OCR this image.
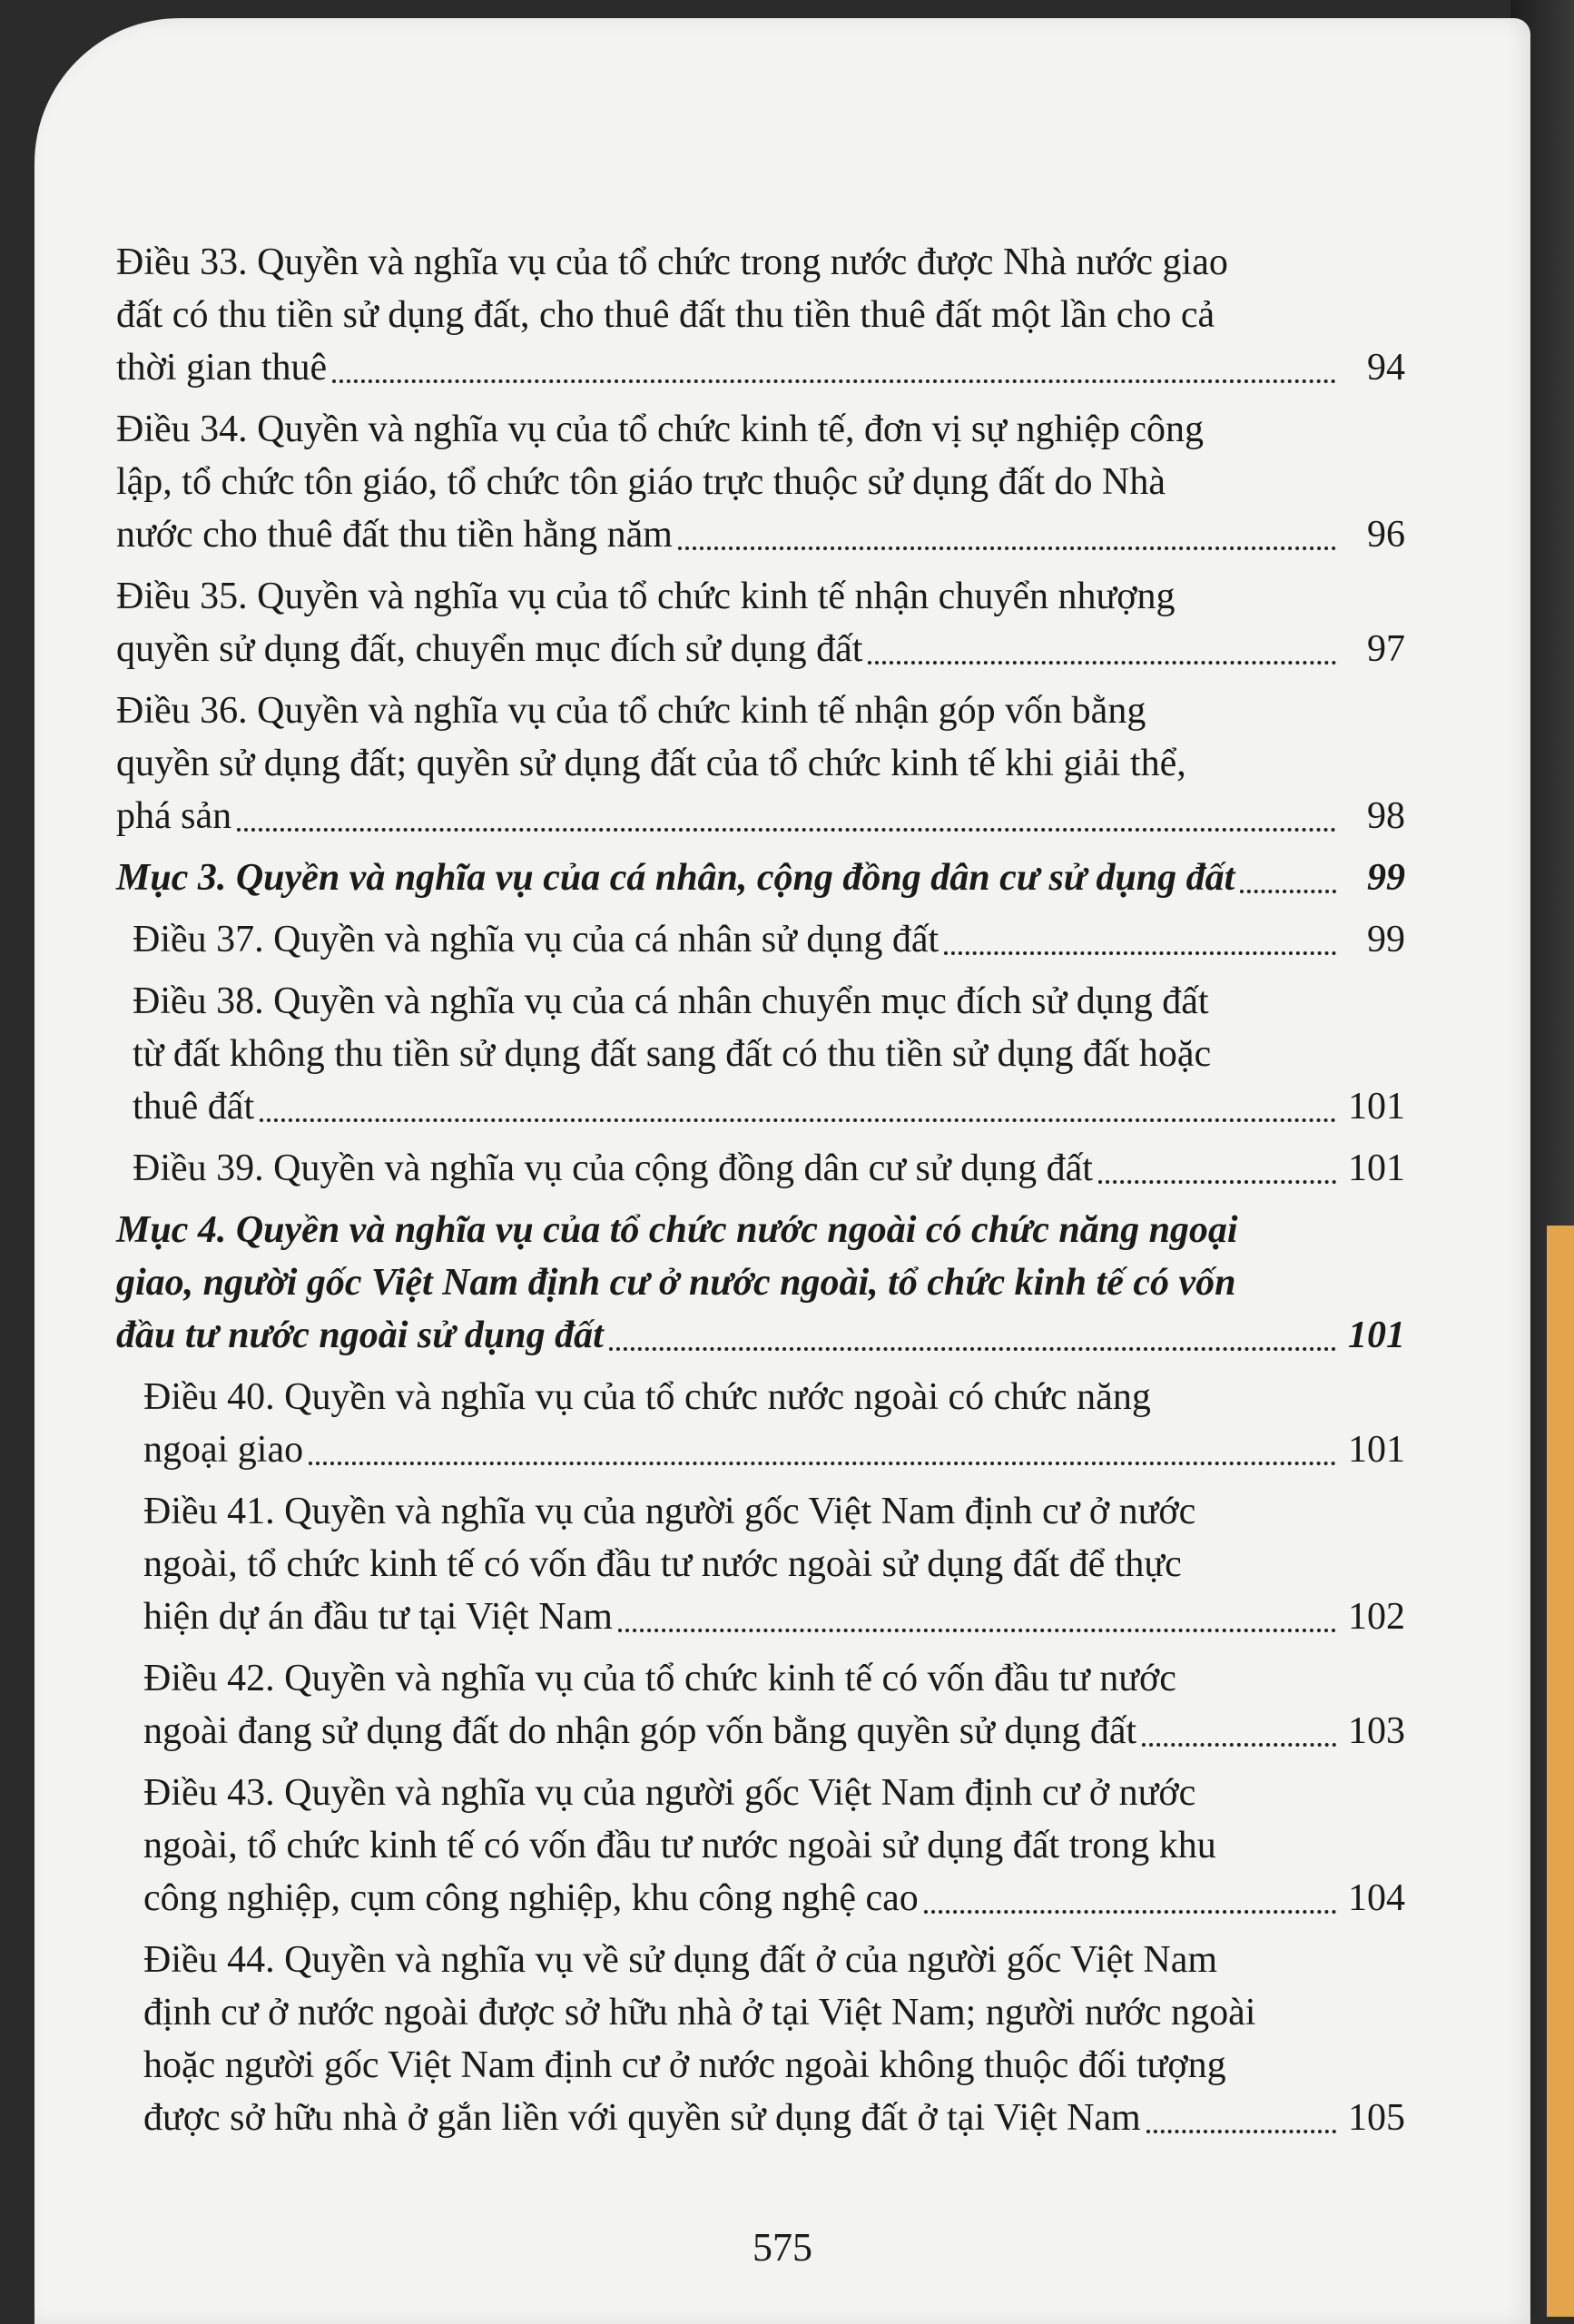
Điều 33. Quyền và nghĩa vụ của tổ chức trong nước được Nhà nước giao
đất có thu tiền sử dụng đất, cho thuê đất thu tiền thuê đất một lần cho cả
thời gian thuê	94
Điều 34. Quyền và nghĩa vụ của tổ chức kinh tế, đơn vị sự nghiệp công
lập, tổ chức tôn giáo, tổ chức tôn giáo trực thuộc sử dụng đất do Nhà
nước cho thuê đất thu tiền hằng năm	96
Điều 35. Quyền và nghĩa vụ của tổ chức kinh tế nhận chuyển nhượng
quyền sử dụng đất, chuyển mục đích sử dụng đất	97
Điều 36. Quyền và nghĩa vụ của tổ chức kinh tế nhận góp vốn bằng
quyền sử dụng đất; quyền sử dụng đất của tổ chức kinh tế khi giải thể,
phá sản	98
Mục 3. Quyền và nghĩa vụ của cá nhân, cộng đồng dân cư sử dụng đất	99
Điều 37. Quyền và nghĩa vụ của cá nhân sử dụng đất	99
Điều 38. Quyền và nghĩa vụ của cá nhân chuyển mục đích sử dụng đất
từ đất không thu tiền sử dụng đất sang đất có thu tiền sử dụng đất hoặc
thuê đất	101
Điều 39. Quyền và nghĩa vụ của cộng đồng dân cư sử dụng đất	101
Mục 4. Quyền và nghĩa vụ của tổ chức nước ngoài có chức năng ngoại
giao, người gốc Việt Nam định cư ở nước ngoài, tổ chức kinh tế có vốn
đầu tư nước ngoài sử dụng đất	101
Điều 40. Quyền và nghĩa vụ của tổ chức nước ngoài có chức năng
ngoại giao	101
Điều 41. Quyền và nghĩa vụ của người gốc Việt Nam định cư ở nước
ngoài, tổ chức kinh tế có vốn đầu tư nước ngoài sử dụng đất để thực
hiện dự án đầu tư tại Việt Nam	102
Điều 42. Quyền và nghĩa vụ của tổ chức kinh tế có vốn đầu tư nước
ngoài đang sử dụng đất do nhận góp vốn bằng quyền sử dụng đất	103
Điều 43. Quyền và nghĩa vụ của người gốc Việt Nam định cư ở nước
ngoài, tổ chức kinh tế có vốn đầu tư nước ngoài sử dụng đất trong khu
công nghiệp, cụm công nghiệp, khu công nghệ cao	104
Điều 44. Quyền và nghĩa vụ về sử dụng đất ở của người gốc Việt Nam
định cư ở nước ngoài được sở hữu nhà ở tại Việt Nam; người nước ngoài
hoặc người gốc Việt Nam định cư ở nước ngoài không thuộc đối tượng
được sở hữu nhà ở gắn liền với quyền sử dụng đất ở tại Việt Nam	105
575
